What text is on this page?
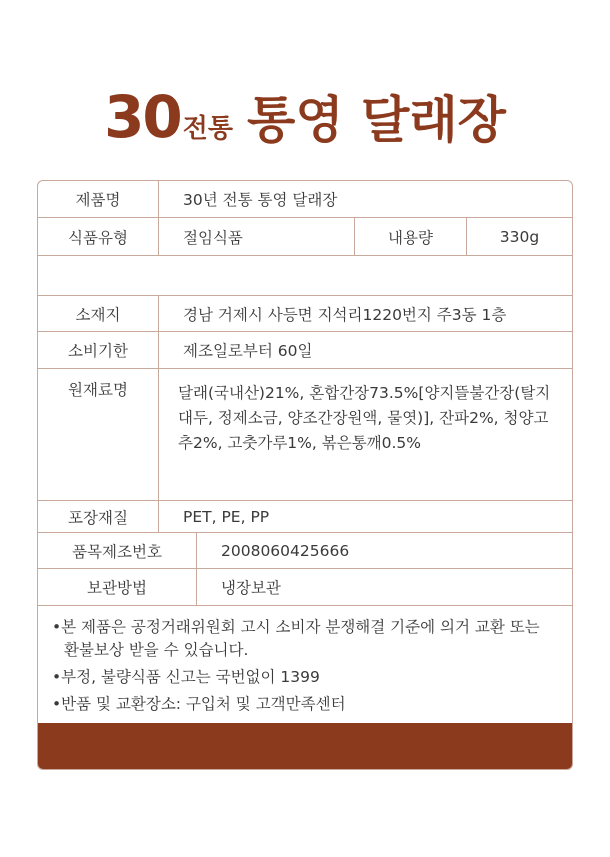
30전통 통영 달래장
제품명	30년 전통 통영 달래장
식품유형	절임식품	내용량	330g
소재지	경남 거제시 사등면 지석리1220번지 주3동 1층
소비기한	제조일로부터 60일
원재료명	달래(국내산)21%, 혼합간장73.5%[양지뜰불간장(탈지대두, 정제소금, 양조간장원액, 물엿)], 잔파2%, 청양고추2%, 고춧가루1%, 볶은통깨0.5%
포장재질	PET, PE, PP
품목제조번호	2008060425666
보관방법	냉장보관
•본 제품은 공정거래위원회 고시 소비자 분쟁해결 기준에 의거 교환 또는 환불보상 받을 수 있습니다.
•부정, 불량식품 신고는 국번없이 1399
•반품 및 교환장소: 구입처 및 고객만족센터
